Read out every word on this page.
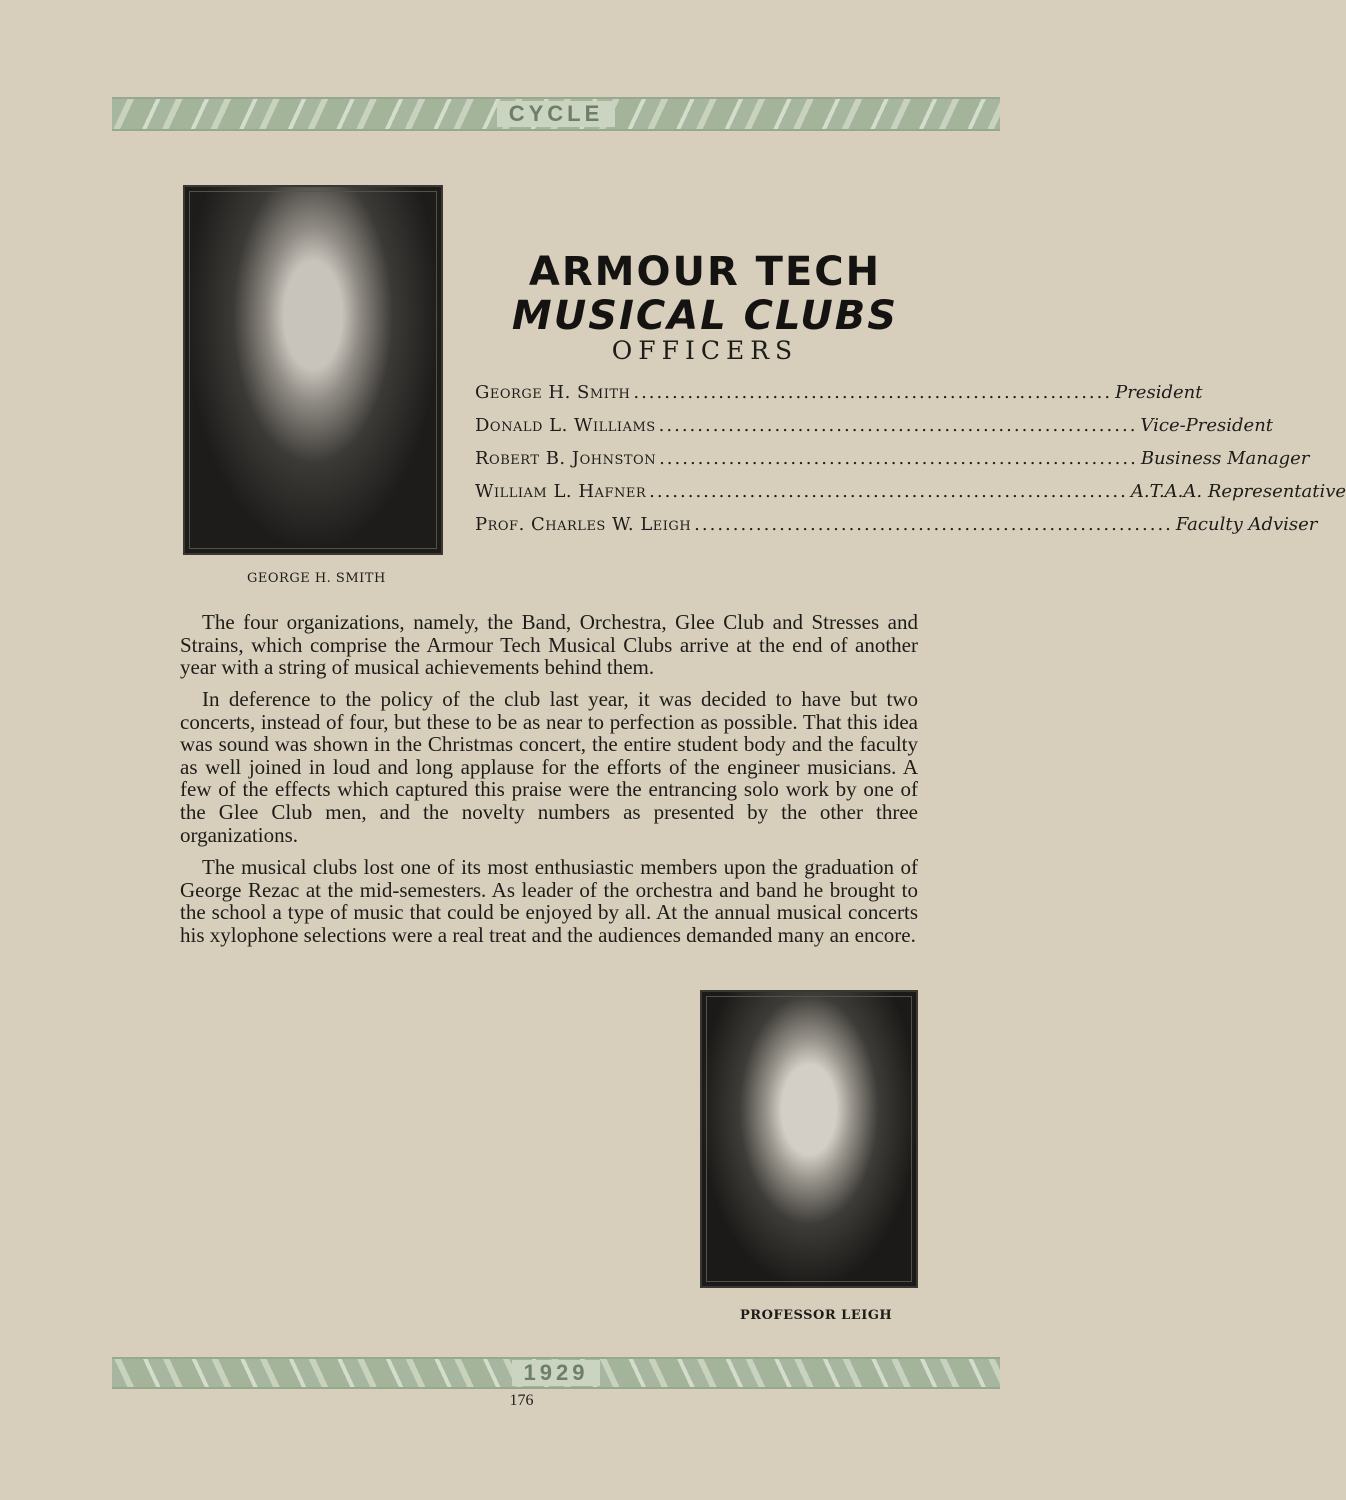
CYCLE
GEORGE H. SMITH
ARMOUR TECH
MUSICAL CLUBS
OFFICERS
George H. Smith .............................................................. President
Donald L. Williams .............................................................. Vice-President
Robert B. Johnston .............................................................. Business Manager
William L. Hafner .............................................................. A.T.A.A. Representative
Prof. Charles W. Leigh .............................................................. Faculty Adviser

The four organizations, namely, the Band, Orchestra, Glee Club and Stresses and Strains, which comprise the Armour Tech Musical Clubs arrive at the end of another year with a string of musical achievements behind them.

In deference to the policy of the club last year, it was decided to have but two concerts, instead of four, but these to be as near to perfection as possible. That this idea was sound was shown in the Christmas concert, the entire student body and the faculty as well joined in loud and long applause for the efforts of the engineer musicians. A few of the effects which captured this praise were the entrancing solo work by one of the Glee Club men, and the novelty numbers as presented by the other three organizations.

The musical clubs lost one of its most enthusiastic members upon the graduation of George Rezac at the mid-semesters. As leader of the orchestra and band he brought to the school a type of music that could be enjoyed by all. At the annual musical concerts his xylophone selections were a real treat and the audiences demanded many an encore.

PROFESSOR LEIGH
1929
176
